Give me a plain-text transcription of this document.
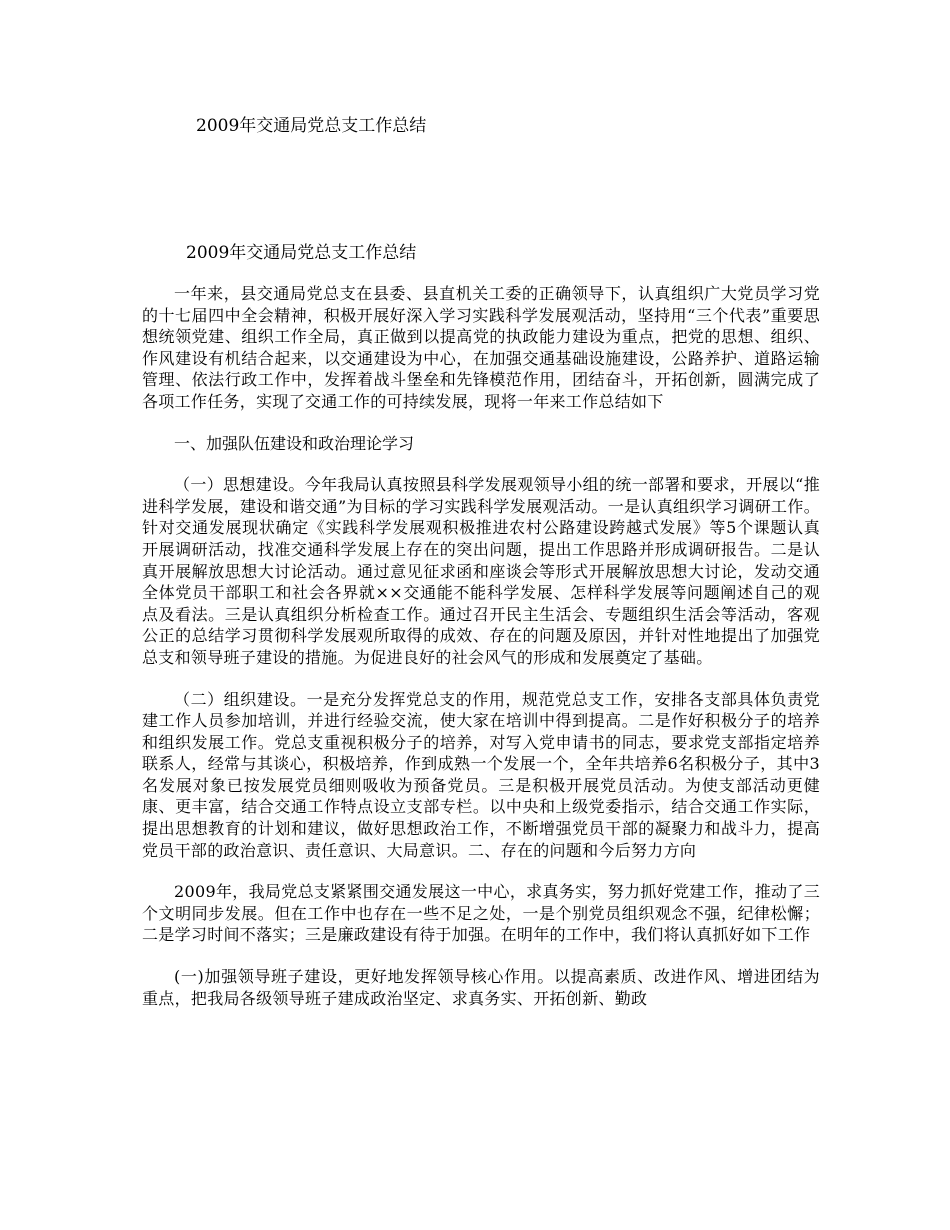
2009年交通局党总支工作总结
2009年交通局党总支工作总结

一年来，县交通局党总支在县委、县直机关工委的正确领导下，认真组织广大党员学习党的十七届四中全会精神，积极开展好深入学习实践科学发展观活动，坚持用“三个代表”重要思想统领党建、组织工作全局，真正做到以提高党的执政能力建设为重点，把党的思想、组织、作风建设有机结合起来，以交通建设为中心，在加强交通基础设施建设，公路养护、道路运输管理、依法行政工作中，发挥着战斗堡垒和先锋模范作用，团结奋斗，开拓创新，圆满完成了各项工作任务，实现了交通工作的可持续发展，现将一年来工作总结如下

一、加强队伍建设和政治理论学习

（一）思想建设。今年我局认真按照县科学发展观领导小组的统一部署和要求，开展以“推进科学发展，建设和谐交通”为目标的学习实践科学发展观活动。一是认真组织学习调研工作。针对交通发展现状确定《实践科学发展观积极推进农村公路建设跨越式发展》等5个课题认真开展调研活动，找准交通科学发展上存在的突出问题，提出工作思路并形成调研报告。二是认真开展解放思想大讨论活动。通过意见征求函和座谈会等形式开展解放思想大讨论，发动交通全体党员干部职工和社会各界就××交通能不能科学发展、怎样科学发展等问题阐述自己的观点及看法。三是认真组织分析检查工作。通过召开民主生活会、专题组织生活会等活动，客观公正的总结学习贯彻科学发展观所取得的成效、存在的问题及原因，并针对性地提出了加强党总支和领导班子建设的措施。为促进良好的社会风气的形成和发展奠定了基础。

（二）组织建设。一是充分发挥党总支的作用，规范党总支工作，安排各支部具体负责党建工作人员参加培训，并进行经验交流，使大家在培训中得到提高。二是作好积极分子的培养和组织发展工作。党总支重视积极分子的培养，对写入党申请书的同志，要求党支部指定培养联系人，经常与其谈心，积极培养，作到成熟一个发展一个，全年共培养6名积极分子，其中3名发展对象已按发展党员细则吸收为预备党员。三是积极开展党员活动。为使支部活动更健康、更丰富，结合交通工作特点设立支部专栏。以中央和上级党委指示，结合交通工作实际，提出思想教育的计划和建议，做好思想政治工作，不断增强党员干部的凝聚力和战斗力，提高党员干部的政治意识、责任意识、大局意识。二、存在的问题和今后努力方向

2009年，我局党总支紧紧围交通发展这一中心，求真务实，努力抓好党建工作，推动了三个文明同步发展。但在工作中也存在一些不足之处，一是个别党员组织观念不强，纪律松懈；二是学习时间不落实；三是廉政建设有待于加强。在明年的工作中，我们将认真抓好如下工作

(一)加强领导班子建设，更好地发挥领导核心作用。以提高素质、改进作风、增进团结为重点，把我局各级领导班子建成政治坚定、求真务实、开拓创新、勤政
